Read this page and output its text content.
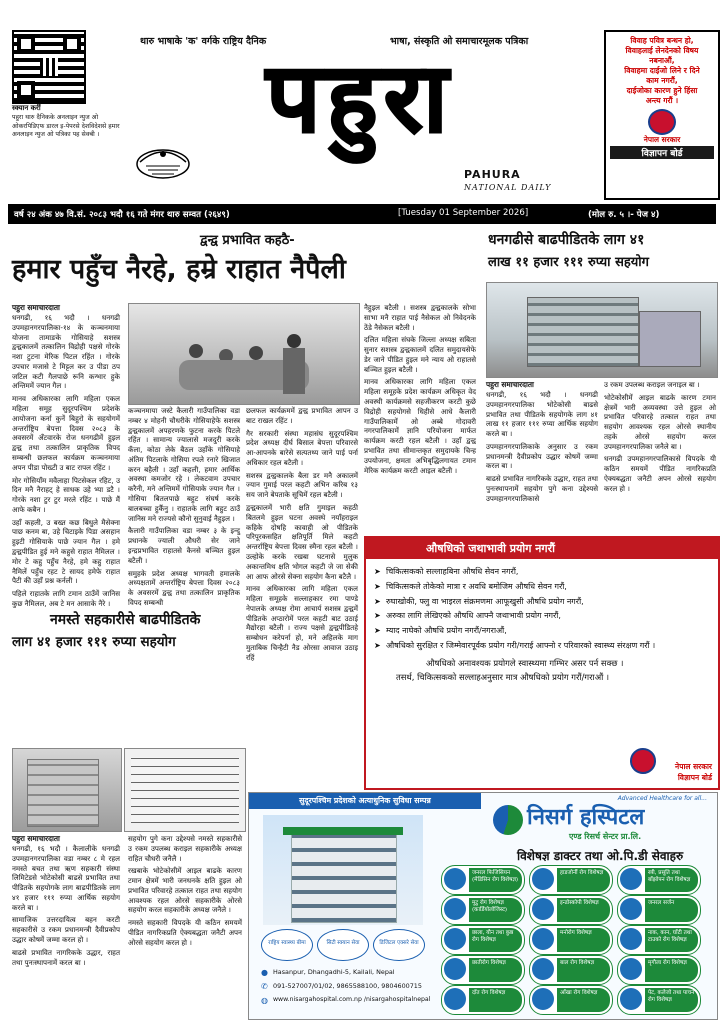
स्क्यान करीं
पहुरा थारु दैनिकके अनलाइन न्युज ओ ओकरपिडिएफ डारल इ-पेपरसे देशविदेशसे हमार अनलाइन न्युज ओ पत्रिका पह सेक्बी ।
थारु भाषाके 'क' वर्गके राष्ट्रिय दैनिक	भाषा, संस्कृति ओ समाचारमूलक पत्रिका
पहुरा
PAHURA
NATIONAL DAILY
विवाह पवित्र बन्धन हो,
विवाहलाई लेनदेनको विषय
नबनाऔं,
विवाहमा दाईजो लिने र दिने
काम नगरौं,
दाईजोका कारण हुने हिंसा
अन्त्य गरौं ।
नेपाल सरकार
विज्ञापन बोर्ड
वर्ष २४ अंक ४७ वि.सं. २०८३ भदौ १६ गते मंगर थारु सम्वत (२६४९)	[Tuesday 01 September 2026]	(मोल रु. ५ ।- पेज ४)
द्वन्द्व प्रभावित कहठै-
हमार पहुँच नैरहे, हम्रे राहात नैपैली
पहुरा समाचारदाता

धनगढी, १६ भदौ । धनगढी उपमहानगरपालिका-१४ के कञ्चनमाया योजना तामाङके गोसियाहे सशस्त्र द्वन्द्वकालमें तत्कालिन विद्रोही पक्षसे गोरके नशा टुटना मेरिक पिटल रहिंत । गोरके उपचार मजासे टे मिट्टल कर उ पीडा ठप जटिल कटी गैलपाछे रूनि कन्भार हुके अन्तिममें ज्यान गैल ।

मानव अधिकारका लागि महिला एकल महिला समूह सुदूरपश्चिम प्रदेशके आयोजना कर्ना कुनें बिहुरो के सहयोगमें अन्तर्राष्ट्रिय बेपत्ता दिवस २०८३ के अवसरमें अँटवारके रोज धनगढीमें हुइल द्वन्द्व तथा तत्कालिन प्राकृतिक विपद सम्बन्धी छलफल कार्यक्रम कञ्चनमाया अपन पीडा पोख्टी उ बाट रापल रहिंट ।

मोर गोसियाँम मवैलाहा पिटसेकल रहिट, उ दिन मनै नैराहट् हे साधक उहे भ्या डटै । गोरके नशा टुर टुर मरले रहिंट । पाछे मैं आफे कबैन ।

उहाँ कहली, उ बख्त कछ बिधुले मैसेक्ना पाछ कनम बा, उहे चिटाइके पिडा असहान हुइटी गोसियाके पाछे ज्यान गैल । हमे द्वन्द्वपीडित हुई मने कहुसे राहात नैमिलल । मोर टे कहु पहुँच नैरहे, हमे कहु राहात नैमिलें पहुँच रहट टे सायद हमेफे राहात पैटी की उहाँ प्रश्न कर्नली ।

पहिले राहातके लागि टमान ठाउँमें जानिस कुछ नैमिलल, अब टे मन आसाके नैरे ।

कञ्चनमाया जस्टे कैलारी गाउँपालिका वडा नम्बर ४ मोहनी चौधरीके गोसियाहेफे सशस्त्र द्वन्द्वकालमें अपहरणके फुटना करके पिटले रहिंत । सामान्य ज्यालासे मजदुरी करके कँला, कोठा लेके बैठल उहाँके गोसियाहे अंतिम पिटलाके गोसिया रपले रनारे खिजात करन बहैली । उहाँ कहली, हमार आर्थिक अवस्था कमजोर रहे । लेकटवाम उपचार करैनी, मने अन्तिममें गोसियाके ज्यान गैल । गोसिया बितलपाछे बहुट संघर्ष करके बालबच्चा हुर्कैंनु । राहातके लागि बहुट ठाउँ जानिस मने राज्यसे कौनो सुनुवाई नैहुइल ।

कैलारी गाउँपालिका वडा नम्बर ३ के इन्दु प्रधानके ज्याली औधरी सेर जाने इन्द्रप्रभावित राहातसे कैनसे बञ्चित हुइल बटैली ।

समुहके प्रदेश अध्यक्ष भागवती हमालके अध्यक्षतामें अन्तर्राष्ट्रिय बेपत्ता दिवस २०८३ के अवसरमें द्वन्द्व तथा तत्कालिन प्राकृतिक विपद सम्बन्धी

छलफल कार्यक्रममें द्वन्द्व प्रभावित आपन उ बाट राखल रहिंट ।

गैर सरकारी संस्था महासंघ सुदूरपश्चिम प्रदेश अध्यक्ष दीर्घ बिसाल बेपत्ता परिवारसे आ-आपनके बारेसे सत्यतथ्य जाने पाई पर्ना अधिकार रहल बटैली ।

सशस्त्र द्वन्द्वकालके बैला डर मनै अकालमें ज्यान गुमाई परल कहटी अभिन करिब १३ सय जाने बेपताके सूचिमें रहल बटैली ।

द्वन्द्वकालमें भारी क्षति गुमाइल कहठी बितलमे हुइल घटना अवस्थे नयाँहराइल कहिके दोषहि कावाही ओ पीडितके परिपूरकसहित क्षतिपूर्ति मिले कहटी अन्तर्राष्ट्रिय बेपत्ता दिवस स्मैना रहल बटैली । उल्होके करके रखबा घटनासे मुलुक अकान्तमिथ क्षति भोगल कहटी जे जा सेकी आ आफ ओरसे सेक्ना सहयोग कैना बटैलै ।

मानव अधिकारका लागि महिला एकल महिला समूहके सल्लाहकार रमा पाण्डे नेपालके अध्यक्ष रोमा आचार्य सशस्त्र द्वन्द्वमें पीडितके अप्ठारोमें परल कहटी बाट उठाई मैद्योरहा बटैली । राज्य पक्षसे द्वन्द्वपीडितहे सम्बोधन करेपर्ना हो, मने अहिलके माग मुताबिक चिन्हैटी नैड ओरसा आवाज उठाइ रहिं

नैहुइल बटैली । सशस्त्र द्वन्द्वकालके सोभा साभा मनै राहात पाई नैसेकल ओ निवेदनके ठेंडे नैसेकल बटैली ।

दलित महिला संघके जिल्ला अध्यक्ष सबिता सुनार सशस्त्र द्वन्द्वकालमें दलित समुदायसेफे डेर जाने पीडित हुइल मने न्याय ओ राहातसे बञ्चित हुइल बटैली ।

मानव अधिकारका लागि महिला एकल महिला समूहके प्रदेश कार्यक्रम अधिकृत वेद अवस्थी कार्यक्रमसे सहजीकरण करटी कुछे विद्रोही सहयोगसे धिहीसे आधे कैलारी गाउँपालिकामें ओ अब्बे गोदावरी नगरपालिकामें ज्ञानि परियोजना मार्फत कार्यक्रम करटी रहल बटैली । उहाँ द्वन्द्व प्रभावित तथा सीमान्तकृत समुदायके चिन्ह उपयोजना, क्षमता अभिबृद्धिलगायत टमान मेरिक कार्यक्रम करटी आइल बटैली ।

धनगढीसे बाढपीडितके लाग ४१
लाख ११ हजार १११ रुप्या सहयोग
पहुरा समाचारदाता

धनगढी, १६ भदौ । धनगढी उपमहानगरपालिका भोटेकोसी बाढसे प्रभावित तथा पीडितके सहयोगके लाग ४१ लाख ११ हजार १११ रुप्या आर्थिक सहयोग करले बा ।

उपमहानगरपालिकाके अनुसार उ रकम प्रधानमन्त्री दैवीप्रकोप उद्धार कोषमें जम्मा करल बा ।

बाढसे प्रभावित नागरिकके उद्धार, राहत तथा पुनःस्थापनामें सहयोग पुगे कना उद्देश्यसे उपमहानगरपालिकासे

उ रकम उपलब्ध कराइल जनाइल बा ।

भोटेकोसीमें आइल बाढके कारण टमान क्षेत्रमें भारी अव्यवस्था उत्ते हुइल ओ प्रभावित परिवारहे तत्काल राहत तथा सहयोग आवश्यक रहल ओरसे स्थानीय तहके ओरसे सहयोग करल उपमहानगरपालिका जनैले बा ।

धनगढी उपमहानगरपालिकासे विपदके यी कठिन समयमें पीडित नागरिकप्रति ऐक्यबद्धता जनैटी अपन ओरसे सहयोग करल हो ।

औषधिको जथाभावी प्रयोग नगरौं
➤ चिकित्सकको सल्लाहबिना औषधि सेवन नगरौं,
➤ चिकित्सकले तोकेको मात्रा र अवधि बमोजिम औषधि सेवन गरौं,
➤ रुघाखोकी, फ्लु वा भाइरल संक्रमणमा आफूखुसी औषधि प्रयोग नगरौं,
➤ अरुका लागि लेखिएको औषधि आफ्नै जथाभावी प्रयोग नगरौं,
➤ म्याद नाघेको औषधि प्रयोग नगरौं/नगराऔं,
➤ औषधिको सुरक्षित र जिम्मेवारपूर्वक प्रयोग गरी/गराई आफ्नो र परिवारको स्वास्थ्य संरक्षण गरौं ।
औषधिको अनावश्यक प्रयोगले स्वास्थ्यमा गम्भिर असर पर्न सक्छ ।
तसर्थ, चिकित्सकको सल्लाहअनुसार मात्र औषधिको प्रयोग गरौं/गराऔं ।
नेपाल सरकार
विज्ञापन बोर्ड
नमस्ते सहकारीसे बाढपीडितके
लाग ४१ हजार १११ रुप्या सहयोग
पहुरा समाचारदाता

धनगढी, १६ भदौ । कैलालीके धनगढी उपमहानगरपालिका वडा नम्बर ८ मे रहल नमस्ते बचत तथा ऋण सहकारी संस्था लिमिटेडसे भोटेकोसी बाढसे प्रभावित तथा पीडितके सहयोगके लाग बाढपीडितके लाग ४१ हजार १११ रुप्या आर्थिक सहयोग करले बा ।

सामाजिक उत्तरदायित्व बहन करटी सहकारीसे उ रकम प्रधानमन्त्री दैवीप्रकोप उद्धार कोषमें जम्मा करल हो ।

बाढसे प्रभावित नागरिकके उद्धार, राहत तथा पुनःस्थापनामें करल बा ।

सहयोग पुगे कना उद्देश्यसे नमस्ते सहकारीसे उ रकम उपलब्ध कराइल सहकारीके अध्यक्ष राहित चौधरी जनैलै ।

रखबाके भोटेकोसीमें आइल बाढके कारण टमान क्षेत्रमें भारी जनधनके क्षति हुइल ओ प्रभावित परिवारहे तत्काल राहत तथा सहयोग आवश्यक रहल ओरसे सहकारीके ओरसे सहयोग करल सहकारीके अध्यक्ष जनैले ।

नमस्ते सहकारी विपदके यी कठिन समयमें पीडित नागरिकप्रति ऐक्यबद्धता जनैटी अपन ओरसे सहयोग करल हो ।

सुदूरपश्चिम प्रदेशको अत्याधुनिक सुविधा सम्पन्न	Advanced Healthcare for all...
निसर्ग हस्पिटल
एण्ड रिसर्च सेन्टर प्रा.लि.
विशेषज्ञ डाक्टर तथा ओ.पि.डी सेवाहरु
राष्ट्रिय स्वास्थ्य बीमा	सिटी स्क्यान सेवा	डिजिटल एक्सरे सेवा
● Hasanpur, Dhangadhi-5, Kailali, Nepal
✆ 091-527007/01/02, 9865588100, 9804600715
◍ www.nisargahospital.com.np /nisargahospitalnepal
जनरल फिजिसियन (मेडिसिन रोग विशेषज्ञ)
हाडजोर्नी रोग विशेषज्ञ	स्त्री, प्रसूति तथा बाँझोपन रोग विशेषज्ञ
मुटु रोग विशेषज्ञ (कार्डियोलोजिस्ट)
इन्डोस्कोपी विशेषज्ञ	जनरल सर्जन
छाला, यौन तथा कुष्ठ रोग विशेषज्ञ
मनोरोग विशेषज्ञ	नाक, कान, घाँटी तथा टाउको रोग विशेषज्ञ
छातीरोग विशेषज्ञ	बाल रोग विशेषज्ञ	मृगौला रोग विशेषज्ञ
दाँत रोग विशेषज्ञ	आँखा रोग विशेषज्ञ	पेट, कलेजो तथा पाचन रोग विशेषज्ञ
